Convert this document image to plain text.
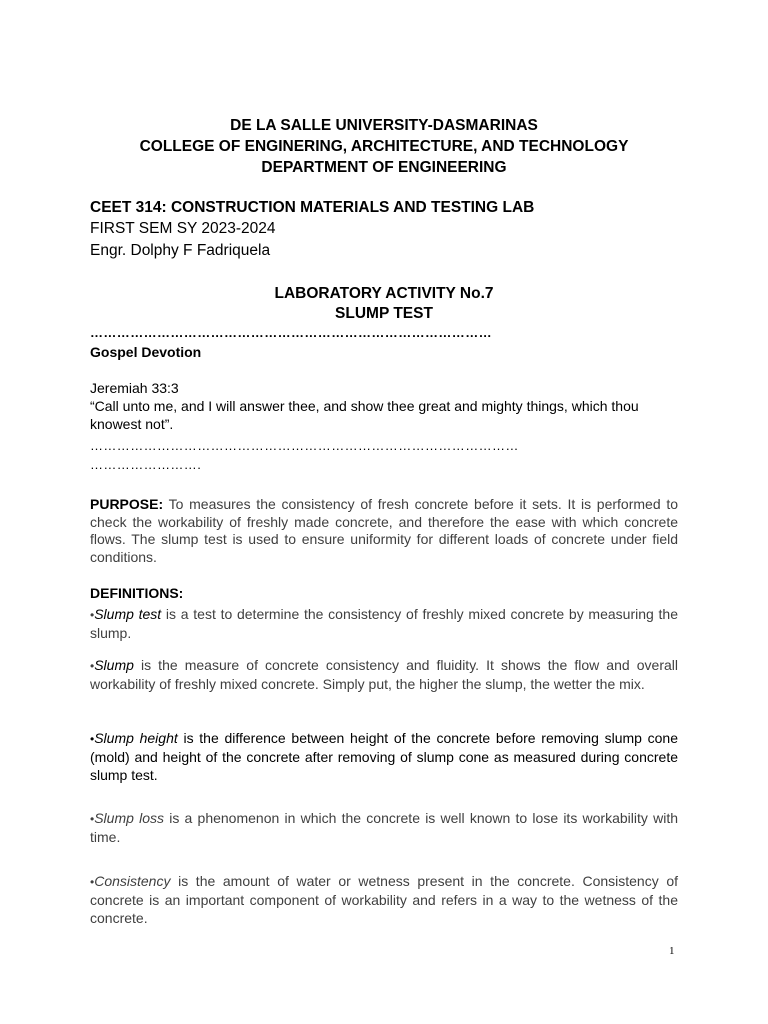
DE LA SALLE UNIVERSITY-DASMARINAS
COLLEGE OF ENGINERING, ARCHITECTURE, AND TECHNOLOGY
DEPARTMENT OF ENGINEERING
CEET 314: CONSTRUCTION MATERIALS AND TESTING LAB
FIRST SEM SY 2023-2024
Engr. Dolphy F Fadriquela
LABORATORY ACTIVITY No.7
SLUMP TEST
………………………………………………………………………………
Gospel Devotion
Jeremiah 33:3
“Call unto me, and I will answer thee, and show thee great and mighty things, which thou knowest not”.
……………………………………………………………………………………
…………………….
PURPOSE: To measures the consistency of fresh concrete before it sets. It is performed to check the workability of freshly made concrete, and therefore the ease with which concrete flows. The slump test is used to ensure uniformity for different loads of concrete under field conditions.
DEFINITIONS:
•Slump test is a test to determine the consistency of freshly mixed concrete by measuring the slump.
•Slump is the measure of concrete consistency and fluidity. It shows the flow and overall workability of freshly mixed concrete. Simply put, the higher the slump, the wetter the mix.
•Slump height is the difference between height of the concrete before removing slump cone (mold) and height of the concrete after removing of slump cone as measured during concrete slump test.
•Slump loss is a phenomenon in which the concrete is well known to lose its workability with time.
•Consistency is the amount of water or wetness present in the concrete. Consistency of concrete is an important component of workability and refers in a way to the wetness of the concrete.
1
